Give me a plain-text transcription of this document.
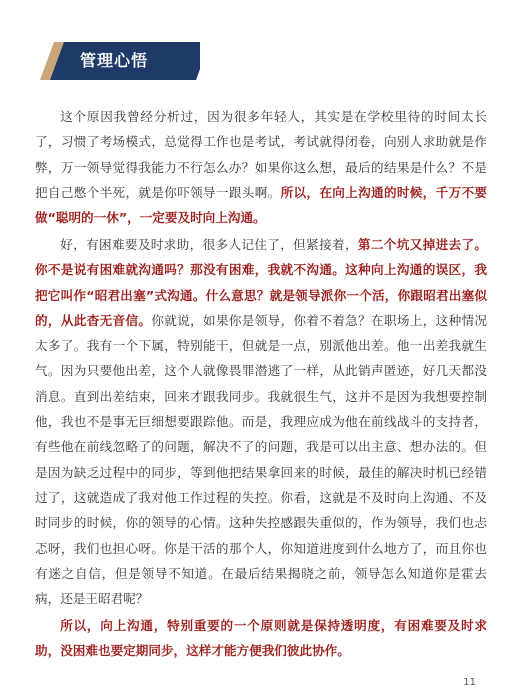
管理心悟

这个原因我曾经分析过，因为很多年轻人，其实是在学校里待的时间太长了，习惯了考场模式，总觉得工作也是考试，考试就得闭卷，向别人求助就是作弊，万一领导觉得我能力不行怎么办？如果你这么想，最后的结果是什么？不是把自己憋个半死，就是你吓领导一跟头啊。所以，在向上沟通的时候，千万不要做“聪明的一休”，一定要及时向上沟通。

好，有困难要及时求助，很多人记住了，但紧接着，第二个坑又掉进去了。你不是说有困难就沟通吗？那没有困难，我就不沟通。这种向上沟通的误区，我把它叫作“昭君出塞”式沟通。什么意思？就是领导派你一个活，你跟昭君出塞似的，从此杳无音信。你就说，如果你是领导，你着不着急？在职场上，这种情况太多了。我有一个下属，特别能干，但就是一点，别派他出差。他一出差我就生气。因为只要他出差，这个人就像畏罪潜逃了一样，从此销声匿迹，好几天都没消息。直到出差结束，回来才跟我同步。我就很生气，这并不是因为我想要控制他，我也不是事无巨细想要跟踪他。而是，我理应成为他在前线战斗的支持者，有些他在前线忽略了的问题，解决不了的问题，我是可以出主意、想办法的。但是因为缺乏过程中的同步，等到他把结果拿回来的时候，最佳的解决时机已经错过了，这就造成了我对他工作过程的失控。你看，这就是不及时向上沟通、不及时同步的时候，你的领导的心情。这种失控感跟失重似的，作为领导，我们也忐忑呀，我们也担心呀。你是干活的那个人，你知道进度到什么地方了，而且你也有迷之自信，但是领导不知道。在最后结果揭晓之前，领导怎么知道你是霍去病，还是王昭君呢？

所以，向上沟通，特别重要的一个原则就是保持透明度，有困难要及时求助，没困难也要定期同步，这样才能方便我们彼此协作。

11
